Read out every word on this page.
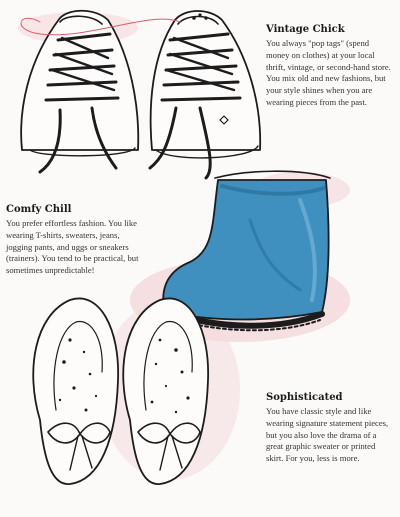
Vintage Chick

You always "pop tags" (spend money on clothes) at your local thrift, vintage, or second-hand store. You mix old and new fashions, but your style shines when you are wearing pieces from the past.

Comfy Chill

You prefer effortless fashion. You like wearing T-shirts, sweaters, jeans, jogging pants, and uggs or sneakers (trainers). You tend to be practical, but sometimes unpredictable!

Sophisticated

You have classic style and like wearing signature statement pieces, but you also love the drama of a great graphic sweater or printed skirt. For you, less is more.
